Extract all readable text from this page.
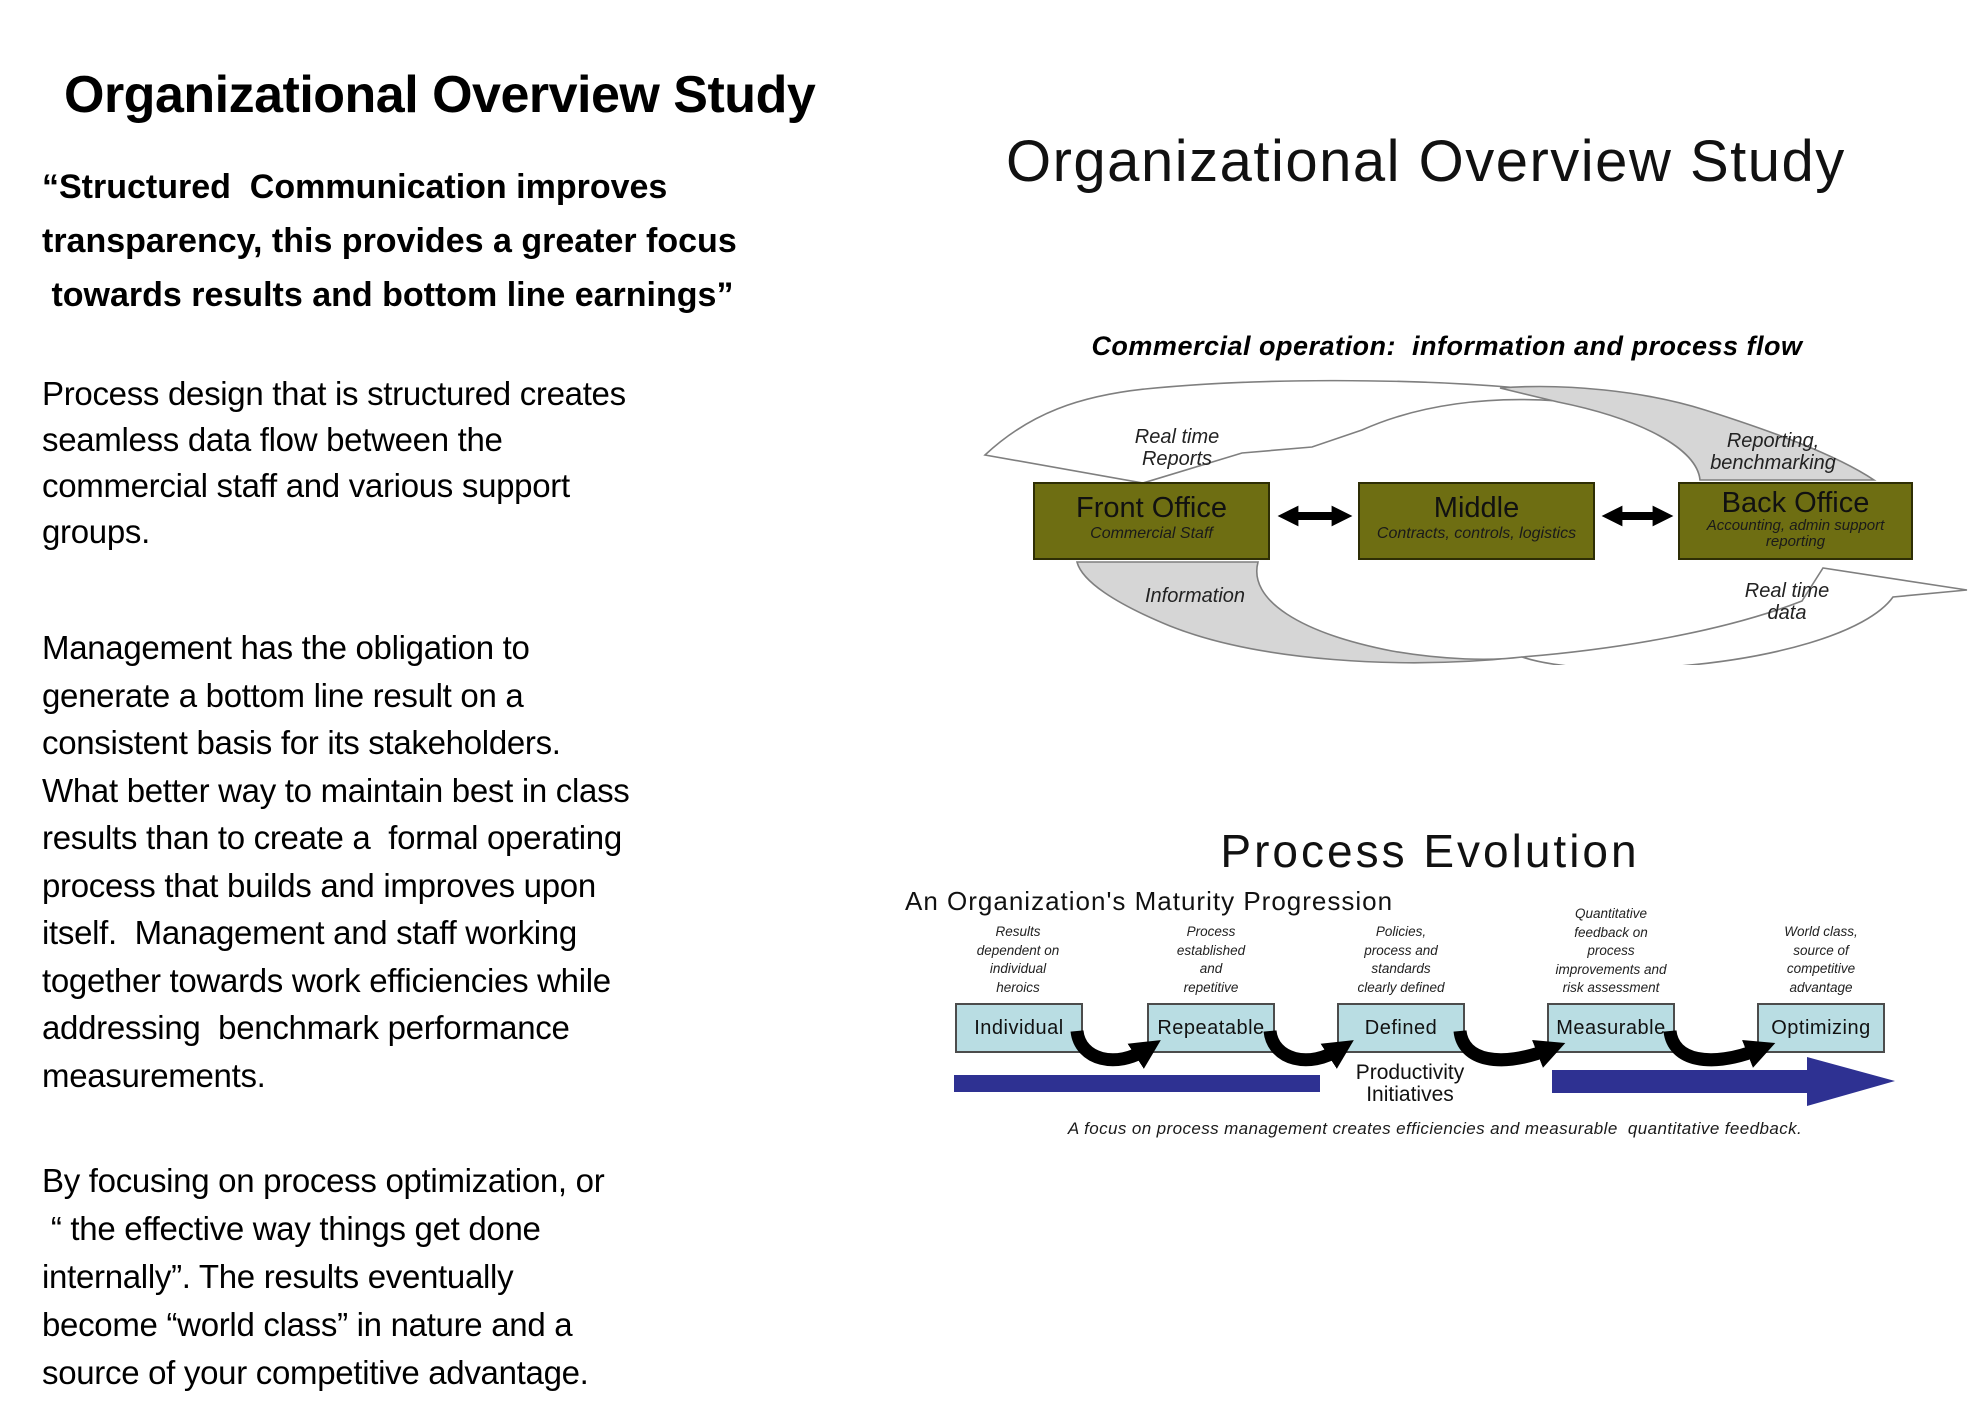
Organizational Overview Study
“Structured  Communication improves
transparency, this provides a greater focus
towards results and bottom line earnings”
Process design that is structured creates
seamless data flow between the
commercial staff and various support
groups.
Management has the obligation to
generate a bottom line result on a
consistent basis for its stakeholders.
What better way to maintain best in class
results than to create a  formal operating
process that builds and improves upon
itself.  Management and staff working
together towards work efficiencies while
addressing  benchmark performance
measurements.
By focusing on process optimization, or
“ the effective way things get done
internally”. The results eventually
become “world class” in nature and a
source of your competitive advantage.
Organizational Overview Study
Commercial operation:  information and process flow
Real time
Reports
Reporting,
benchmarking
Information	Real time
data
Front Office
Commercial Staff
Middle
Contracts, controls, logistics
Back Office
Accounting, admin support
reporting
Process Evolution
An Organization's Maturity Progression
Results
dependent on
individual
heroics
Process
established
and
repetitive
Policies,
process and
standards
clearly defined
Quantitative
feedback on
process
improvements and
risk assessment
World class,
source of
competitive
advantage
Individual	Repeatable	Defined	Measurable	Optimizing
Productivity
Initiatives
A focus on process management creates efficiencies and measurable  quantitative feedback.
